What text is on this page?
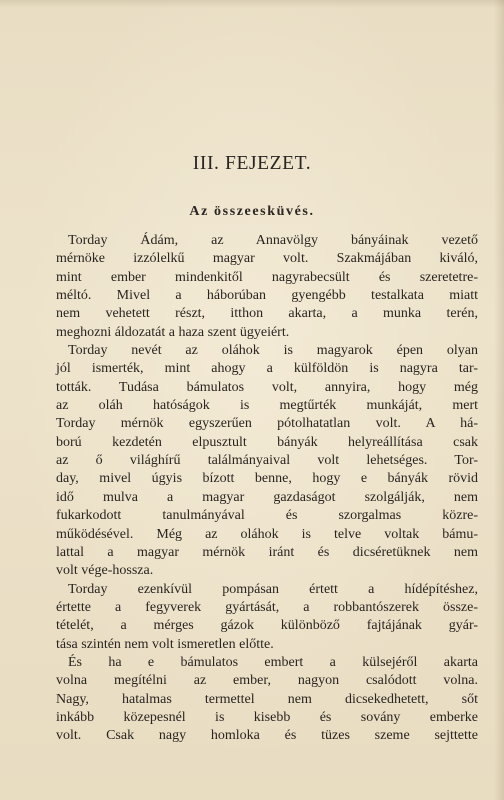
III. FEJEZET.
Az összeesküvés.
Torday Ádám, az Annavölgy bányáinak vezető
mérnöke izzólelkű magyar volt. Szakmájában kiváló,
mint ember mindenkitől nagyrabecsült és szeretetre-
méltó. Mivel a háborúban gyengébb testalkata miatt
nem vehetett részt, itthon akarta, a munka terén,
meghozni áldozatát a haza szent ügyeiért.
Torday nevét az oláhok is magyarok épen olyan
jól ismerték, mint ahogy a külföldön is nagyra tar-
tották. Tudása bámulatos volt, annyira, hogy még
az oláh hatóságok is megtűrték munkáját, mert
Torday mérnök egyszerűen pótolhatatlan volt. A há-
ború kezdetén elpusztult bányák helyreállítása csak
az ő világhírű találmányaival volt lehetséges. Tor-
day, mivel úgyis bízott benne, hogy e bányák rövid
idő mulva a magyar gazdaságot szolgálják, nem
fukarkodott tanulmányával és szorgalmas közre-
működésével. Még az oláhok is telve voltak bámu-
lattal a magyar mérnök iránt és dicséretüknek nem
volt vége-hossza.
Torday ezenkívül pompásan értett a hídépítéshez,
értette a fegyverek gyártását, a robbantószerek össze-
tételét, a mérges gázok különböző fajtájának gyár-
tása szintén nem volt ismeretlen előtte.
És ha e bámulatos embert a külsejéről akarta
volna megítélni az ember, nagyon csalódott volna.
Nagy, hatalmas termettel nem dicsekedhetett, sőt
inkább közepesnél is kisebb és sovány emberke
volt. Csak nagy homloka és tüzes szeme sejttette
